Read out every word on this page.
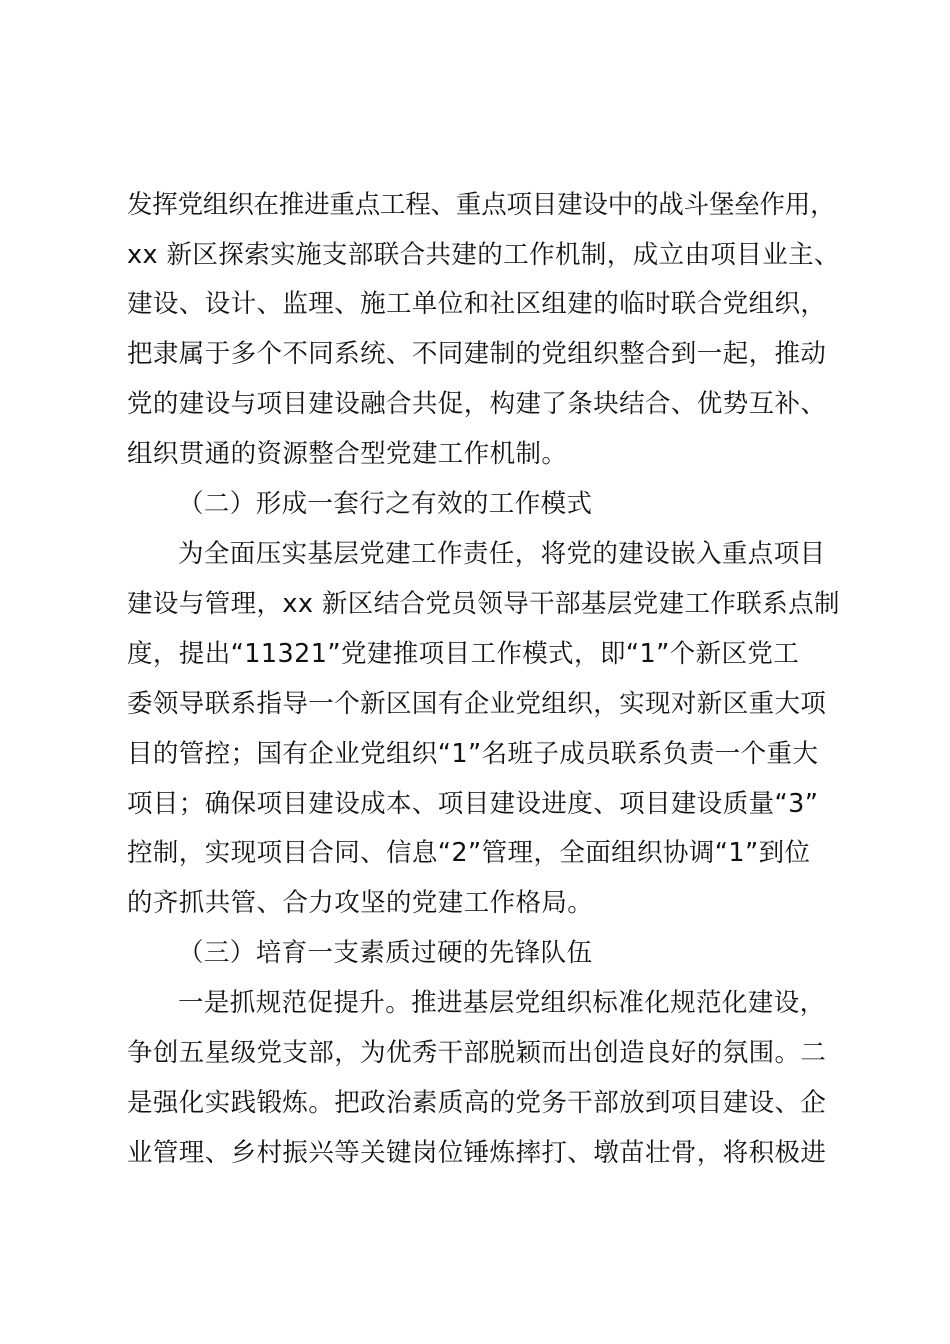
发挥党组织在推进重点工程、重点项目建设中的战斗堡垒作用，
xx 新区探索实施支部联合共建的工作机制，成立由项目业主、
建设、设计、监理、施工单位和社区组建的临时联合党组织，
把隶属于多个不同系统、不同建制的党组织整合到一起，推动
党的建设与项目建设融合共促，构建了条块结合、优势互补、
组织贯通的资源整合型党建工作机制。
（二）形成一套行之有效的工作模式
为全面压实基层党建工作责任，将党的建设嵌入重点项目
建设与管理，xx 新区结合党员领导干部基层党建工作联系点制
度，提出“11321”党建推项目工作模式，即“1”个新区党工
委领导联系指导一个新区国有企业党组织，实现对新区重大项
目的管控；国有企业党组织“1”名班子成员联系负责一个重大
项目；确保项目建设成本、项目建设进度、项目建设质量“3”
控制，实现项目合同、信息“2”管理，全面组织协调“1”到位
的齐抓共管、合力攻坚的党建工作格局。
（三）培育一支素质过硬的先锋队伍
一是抓规范促提升。推进基层党组织标准化规范化建设，
争创五星级党支部，为优秀干部脱颖而出创造良好的氛围。二
是强化实践锻炼。把政治素质高的党务干部放到项目建设、企
业管理、乡村振兴等关键岗位锤炼摔打、墩苗壮骨，将积极进
